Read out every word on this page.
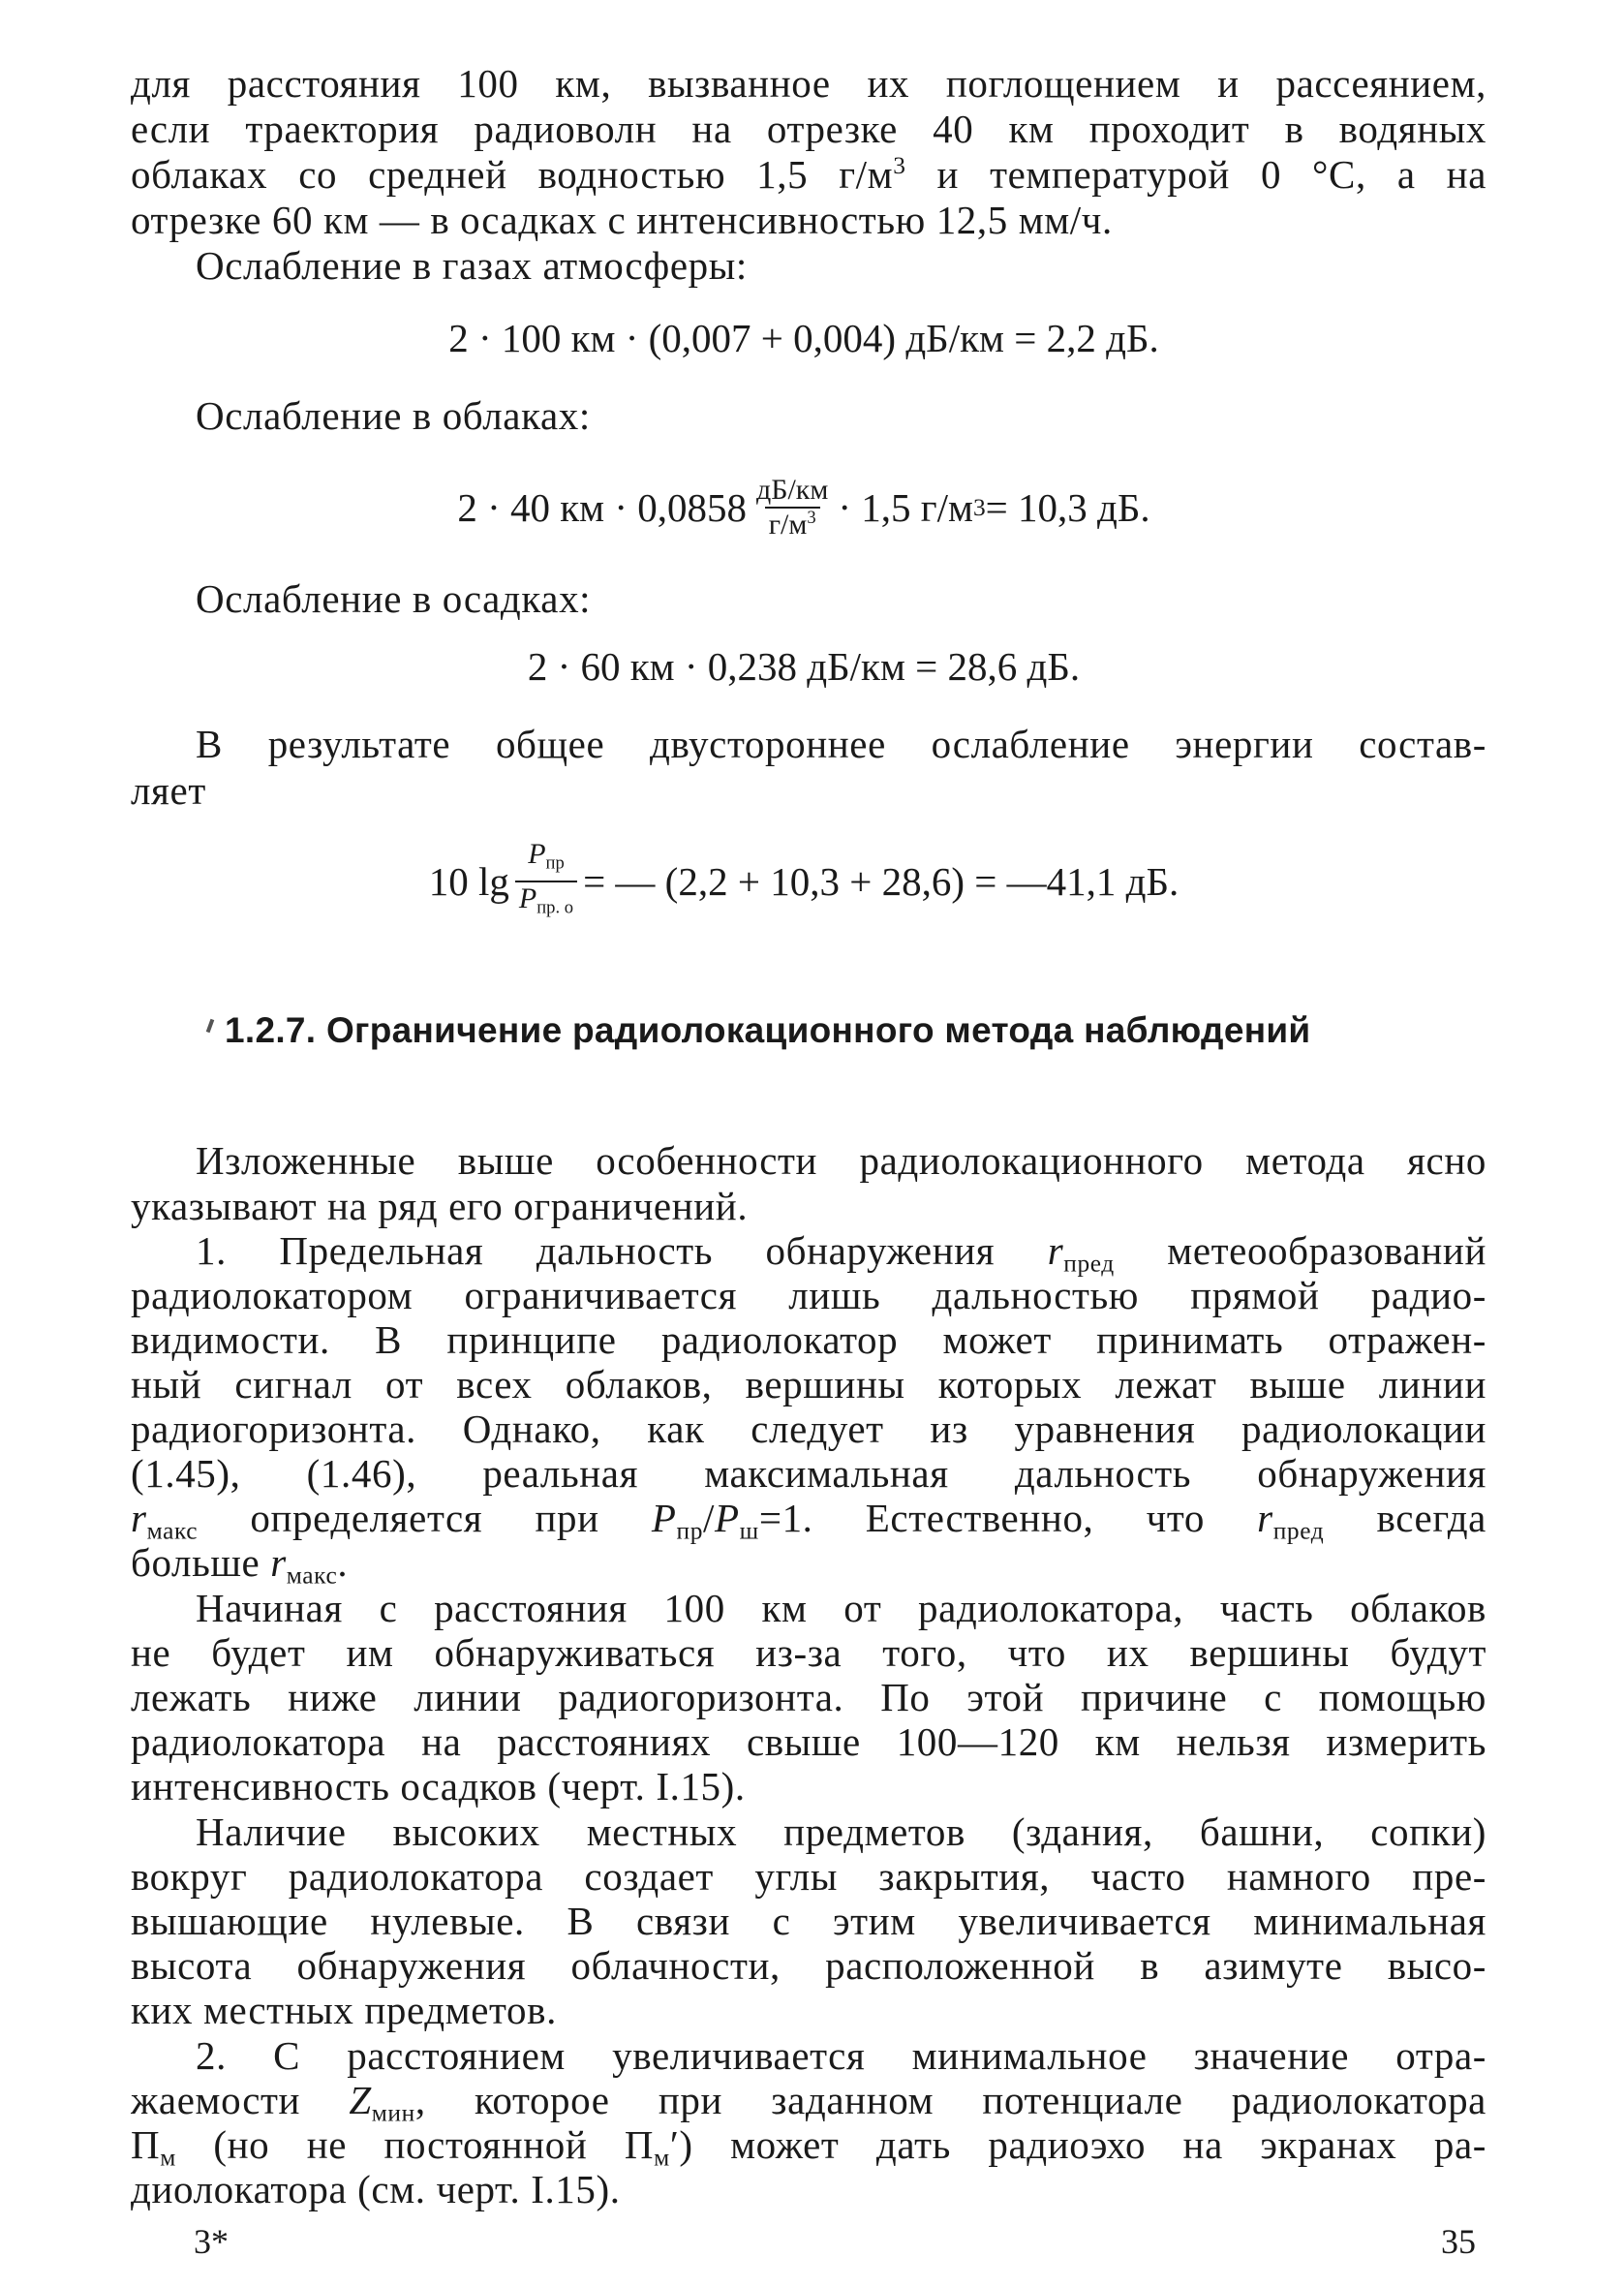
для расстояния 100 км, вызванное их поглощением и рассеянием,
если траектория радиоволн на отрезке 40 км проходит в водяных
облаках со средней водностью 1,5 $г/м^3$ и температурой 0 °С, а на
отрезке 60 км — в осадках с интенсивностью 12,5 мм/ч.
Ослабление в газах атмосферы:
2 · 100 км · (0,007 + 0,004) дБ/км = 2,2 дБ.
Ослабление в облаках:
2 · 40 км · $0,0858 \frac{дБ/км}{г/м^3} \cdot 1,5$ г/м 3 = 10,3 дБ.
Ослабление в осадках:
2 · 60 км · 0,238 дБ/км = 28,6 дБ.
В результате общее двустороннее ослабление энергии состав-
ляет
10 $\lg \frac{P_{пр}}{P_{пр. о}}$ = — (2,2 + 10,3 + 28,6) = —41,1 дБ.
1.2.7. Ограничение радиолокационного метода наблюдений
Изложенные выше особенности радиолокационного метода ясно
указывают на ряд его ограничений.
1. Предельная дальность обнаружения $r_{пред}$ метеообразований
радиолокатором ограничивается лишь дальностью прямой радио-
видимости. В принципе радиолокатор может принимать отражен-
ный сигнал от всех облаков, вершины которых лежат выше линии
радиогоризонта. Однако, как следует из уравнения радиолокации
(1.45), (1.46), реальная максимальная дальность обнаружения
$r_{макс}$ определяется при $P_{пр}/P_ш=1$. Естественно, что $r_{пред}$ всегда
больше $r_{макс}$.
Начиная с расстояния 100 км от радиолокатора, часть облаков
не будет им обнаруживаться из-за того, что их вершины будут
лежать ниже линии радиогоризонта. По этой причине с помощью
радиолокатора на расстояниях свыше 100—120 км нельзя измерить
интенсивность осадков (черт. I.15).
Наличие высоких местных предметов (здания, башни, сопки)
вокруг радиолокатора создает углы закрытия, часто намного пре-
вышающие нулевые. В связи с этим увеличивается минимальная
высота обнаружения облачности, расположенной в азимуте высо-
ких местных предметов.
2. С расстоянием увеличивается минимальное значение отра-
жаемости $Z_{мин}$, которое при заданном потенциале радиолокатора
$П_м$ (но не постоянной $П_м'$) может дать радиоэхо на экранах ра-
диолокатора (см. черт. I.15).
3*	35
